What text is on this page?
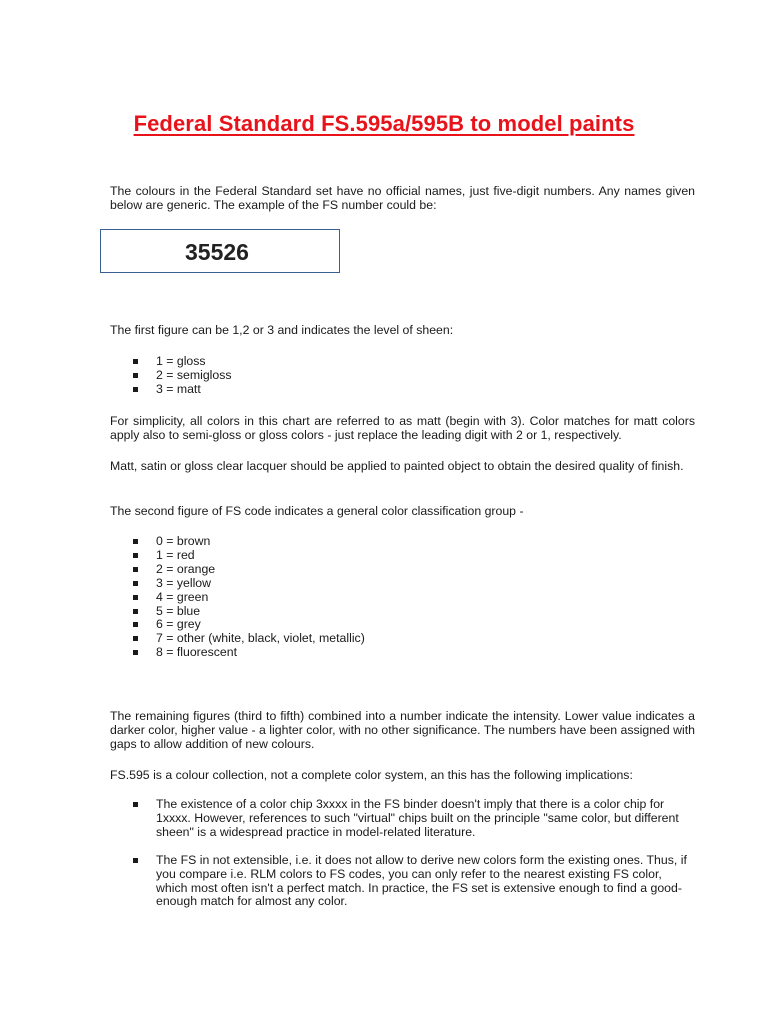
Federal Standard FS.595a/595B to model paints

The colours in the Federal Standard set have no official names, just five-digit numbers. Any names given below are generic. The example of the FS number could be:

35526

The first figure can be 1,2 or 3 and indicates the level of sheen:

1 = gloss
2 = semigloss
3 = matt

For simplicity, all colors in this chart are referred to as matt (begin with 3). Color matches for matt colors apply also to semi-gloss or gloss colors - just replace the leading digit with 2 or 1, respectively.

Matt, satin or gloss clear lacquer should be applied to painted object to obtain the desired quality of finish.

The second figure of FS code indicates a general color classification group -

0 = brown
1 = red
2 = orange
3 = yellow
4 = green
5 = blue
6 = grey
7 = other (white, black, violet, metallic)
8 = fluorescent

The remaining figures (third to fifth) combined into a number indicate the intensity. Lower value indicates a darker color, higher value - a lighter color, with no other significance. The numbers have been assigned with gaps to allow addition of new colours.

FS.595 is a colour collection, not a complete color system, an this has the following implications:

The existence of a color chip 3xxxx in the FS binder doesn't imply that there is a color chip for 1xxxx. However, references to such "virtual" chips built on the principle "same color, but different sheen" is a widespread practice in model-related literature.
The FS in not extensible, i.e. it does not allow to derive new colors form the existing ones. Thus, if you compare i.e. RLM colors to FS codes, you can only refer to the nearest existing FS color, which most often isn't a perfect match. In practice, the FS set is extensive enough to find a good-enough match for almost any color.
